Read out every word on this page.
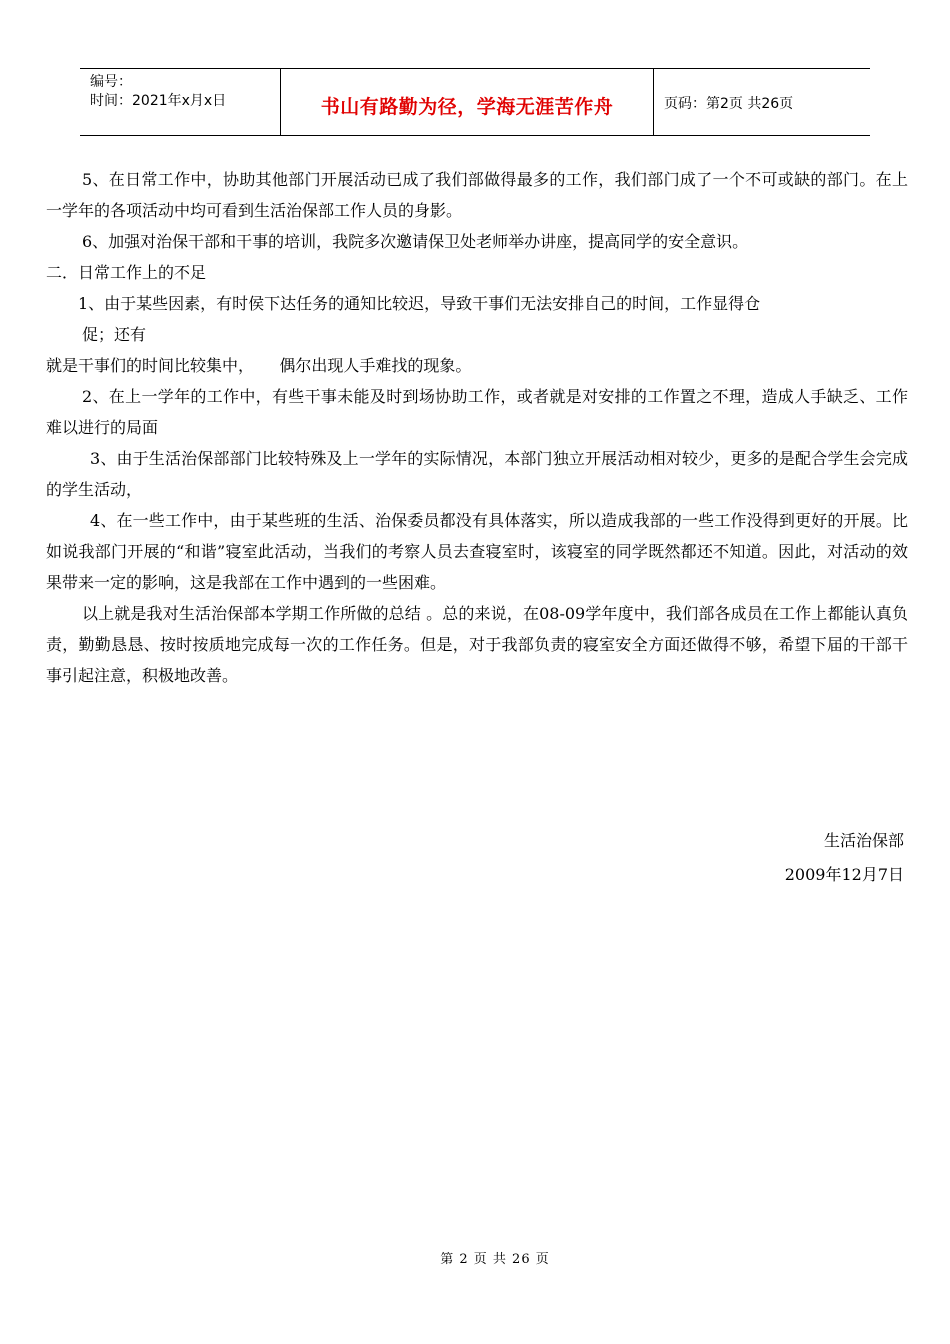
编号：
时间：2021年x月x日	书山有路勤为径，学海无涯苦作舟	页码：第2页 共26页

5、在日常工作中，协助其他部门开展活动已成了我们部做得最多的工作，我们部门成了一个不可或缺的部门。在上一学年的各项活动中均可看到生活治保部工作人员的身影。

6、加强对治保干部和干事的培训，我院多次邀请保卫处老师举办讲座，提高同学的安全意识。

二．日常工作上的不足

1、由于某些因素，有时侯下达任务的通知比较迟，导致干事们无法安排自己的时间，工作显得仓

促；还有

就是干事们的时间比较集中，     偶尔出现人手难找的现象。

2、在上一学年的工作中，有些干事未能及时到场协助工作，或者就是对安排的工作置之不理，造成人手缺乏、工作难以进行的局面

3、由于生活治保部部门比较特殊及上一学年的实际情况，本部门独立开展活动相对较少，更多的是配合学生会完成的学生活动，

4、在一些工作中，由于某些班的生活、治保委员都没有具体落实，所以造成我部的一些工作没得到更好的开展。比如说我部门开展的“和谐”寝室此活动，当我们的考察人员去查寝室时，该寝室的同学既然都还不知道。因此，对活动的效果带来一定的影响，这是我部在工作中遇到的一些困难。

以上就是我对生活治保部本学期工作所做的总结 。总的来说，在08-09学年度中，我们部各成员在工作上都能认真负责，勤勤恳恳、按时按质地完成每一次的工作任务。但是，对于我部负责的寝室安全方面还做得不够，希望下届的干部干事引起注意，积极地改善。

生活治保部
2009年12月7日
第 2 页 共 26 页
